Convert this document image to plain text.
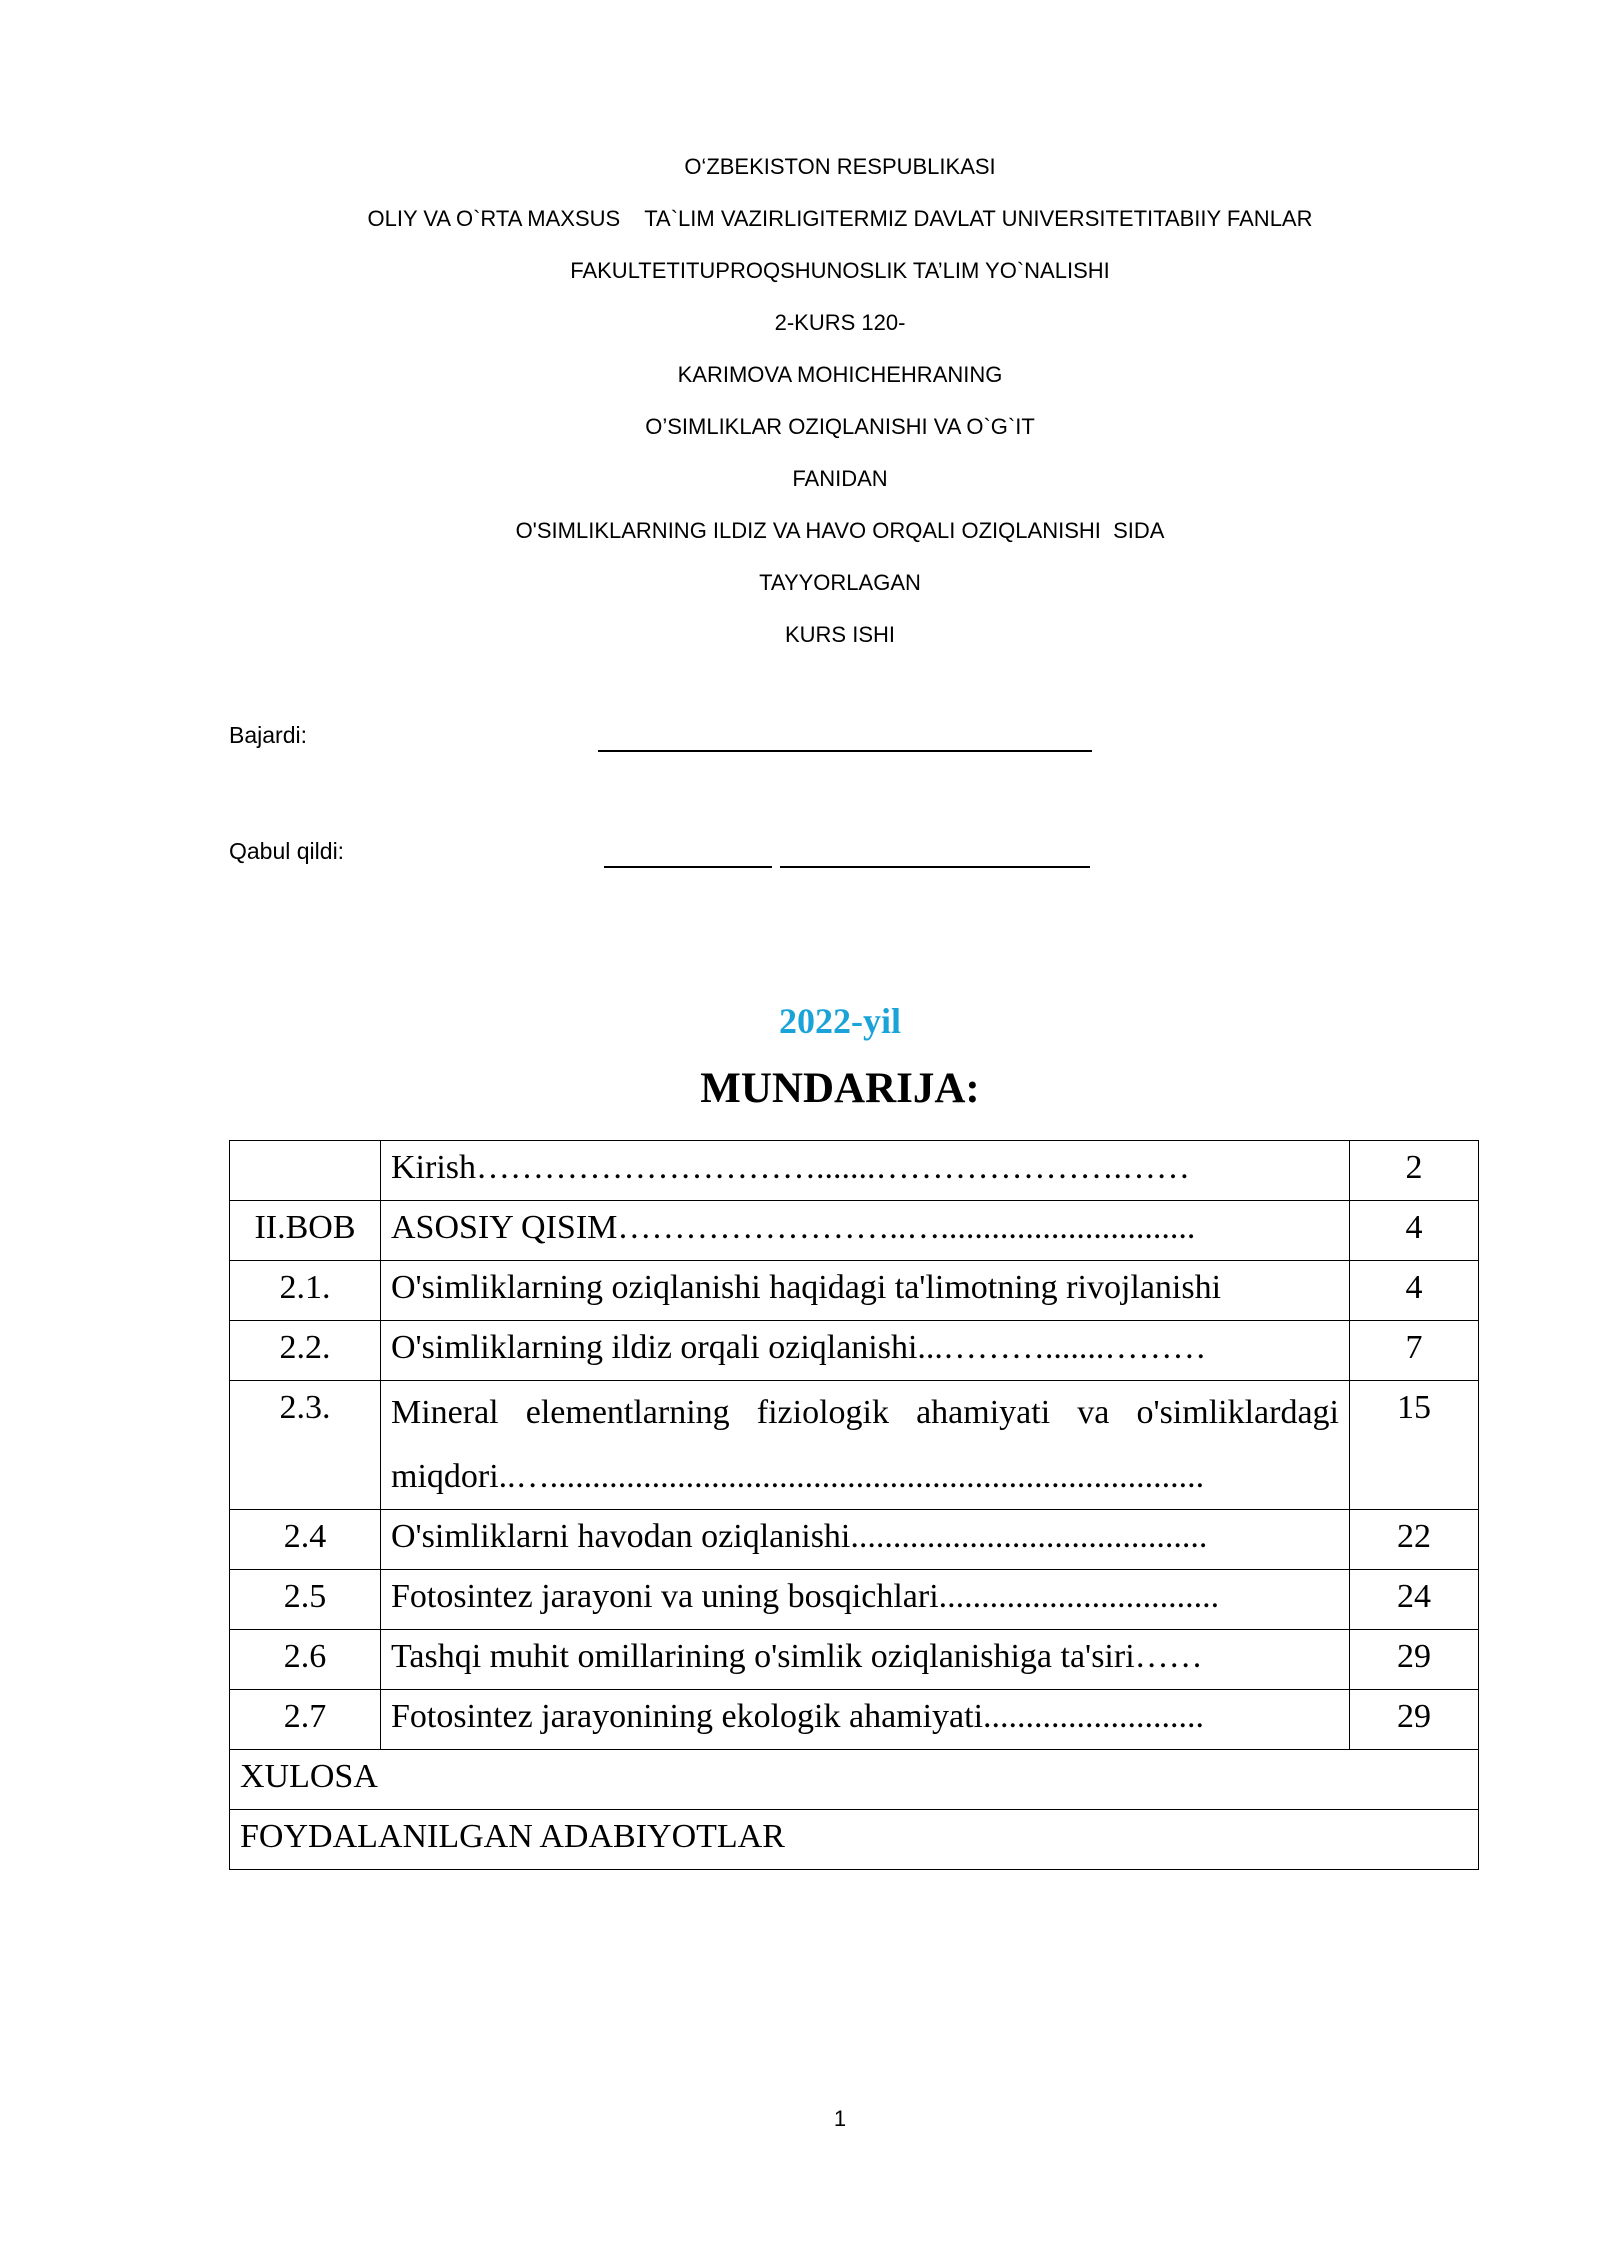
O‘ZBEKISTON RESPUBLIKASI
OLIY VA O`RTA MAXSUS    TA`LIM VAZIRLIGITERMIZ DAVLAT UNIVERSITETITABIIY FANLAR
FAKULTETITUPROQSHUNOSLIK TA’LIM YO`NALISHI
2-KURS 120-
KARIMOVA MOHICHEHRANING
O’SIMLIKLAR OZIQLANISHI VA O`G`IT
FANIDAN
O'SIMLIKLARNING ILDIZ VA HAVO ORQALI OZIQLANISHI  SIDA
TAYYORLAGAN
KURS ISHI
Bajardi:
Qabul qildi:
2022-yil
MUNDARIJA:
	Kirish………………………….......………………….……	2
II.BOB	ASOSIY QISIM……………………..…..............................	4
2.1.	O'simliklarning oziqlanishi haqidagi ta'limotning rivojlanishi	4
2.2.	O'simliklarning ildiz orqali oziqlanishi...……….......………	7
2.3.	Mineral elementlarning fiziologik ahamiyati va o'simliklardagi
miqdori..….............................................................................	15
2.4	O'simliklarni havodan oziqlanishi..........................................	22
2.5	Fotosintez jarayoni va uning bosqichlari.................................	24
2.6	Tashqi muhit omillarining o'simlik oziqlanishiga ta'siri……	29
2.7	Fotosintez jarayonining ekologik ahamiyati..........................	29
XULOSA		
FOYDALANILGAN ADABIYOTLAR		
1
